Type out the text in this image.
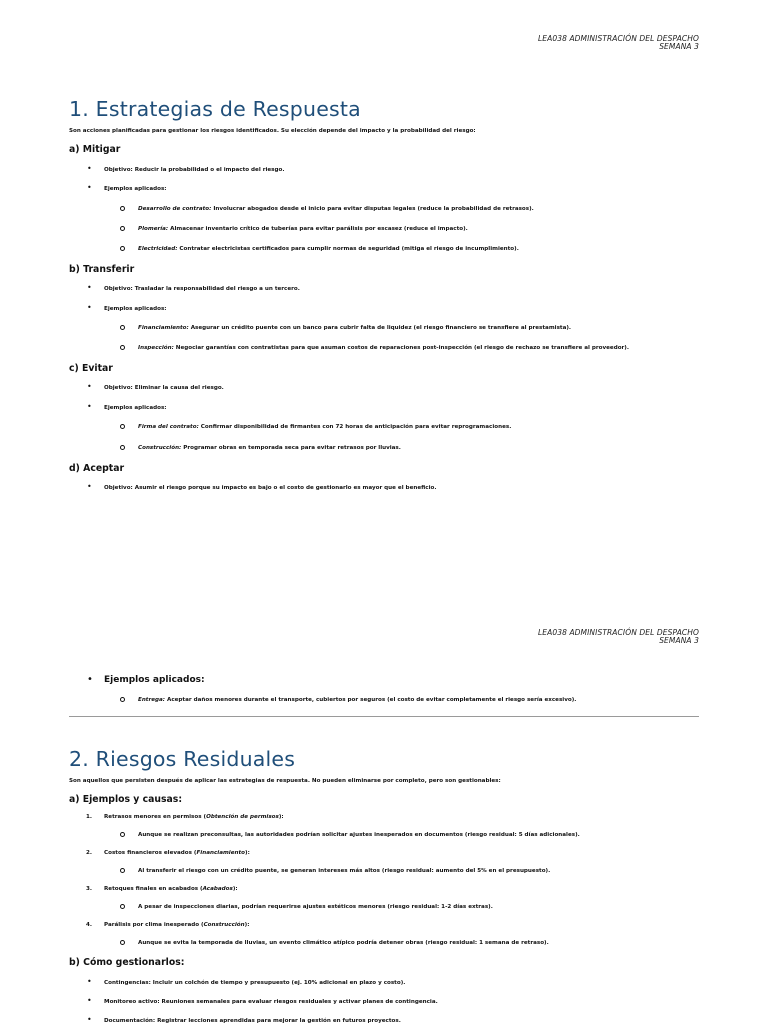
LEA038 ADMINISTRACIÓN DEL DESPACHO
SEMANA 3
1. Estrategias de Respuesta
Son acciones planificadas para gestionar los riesgos identificados. Su elección depende del impacto y la probabilidad del riesgo:
a) Mitigar
• Objetivo: Reducir la probabilidad o el impacto del riesgo.
• Ejemplos aplicados:
Desarrollo de contrato: Involucrar abogados desde el inicio para evitar disputas legales (reduce la probabilidad de retrasos).
Plomería: Almacenar inventario crítico de tuberías para evitar parálisis por escasez (reduce el impacto).
Electricidad: Contratar electricistas certificados para cumplir normas de seguridad (mitiga el riesgo de incumplimiento).
b) Transferir
• Objetivo: Trasladar la responsabilidad del riesgo a un tercero.
• Ejemplos aplicados:
Financiamiento: Asegurar un crédito puente con un banco para cubrir falta de liquidez (el riesgo financiero se transfiere al prestamista).
Inspección: Negociar garantías con contratistas para que asuman costos de reparaciones post-inspección (el riesgo de rechazo se transfiere al proveedor).
c) Evitar
• Objetivo: Eliminar la causa del riesgo.
• Ejemplos aplicados:
Firma del contrato: Confirmar disponibilidad de firmantes con 72 horas de anticipación para evitar reprogramaciones.
Construcción: Programar obras en temporada seca para evitar retrasos por lluvias.
d) Aceptar
• Objetivo: Asumir el riesgo porque su impacto es bajo o el costo de gestionarlo es mayor que el beneficio.
LEA038 ADMINISTRACIÓN DEL DESPACHO
SEMANA 3
• Ejemplos aplicados:
Entrega: Aceptar daños menores durante el transporte, cubiertos por seguros (el costo de evitar completamente el riesgo sería excesivo).
2. Riesgos Residuales
Son aquellos que persisten después de aplicar las estrategias de respuesta. No pueden eliminarse por completo, pero son gestionables:
a) Ejemplos y causas:
1. Retrasos menores en permisos (Obtención de permisos):
Aunque se realizan preconsultas, las autoridades podrían solicitar ajustes inesperados en documentos (riesgo residual: 5 días adicionales).
2. Costos financieros elevados (Financiamiento):
Al transferir el riesgo con un crédito puente, se generan intereses más altos (riesgo residual: aumento del 5% en el presupuesto).
3. Retoques finales en acabados (Acabados):
A pesar de inspecciones diarias, podrían requerirse ajustes estéticos menores (riesgo residual: 1-2 días extras).
4. Parálisis por clima inesperado (Construcción):
Aunque se evita la temporada de lluvias, un evento climático atípico podría detener obras (riesgo residual: 1 semana de retraso).
b) Cómo gestionarlos:
• Contingencias: Incluir un colchón de tiempo y presupuesto (ej. 10% adicional en plazo y costo).
• Monitoreo activo: Reuniones semanales para evaluar riesgos residuales y activar planes de contingencia.
• Documentación: Registrar lecciones aprendidas para mejorar la gestión en futuros proyectos.
